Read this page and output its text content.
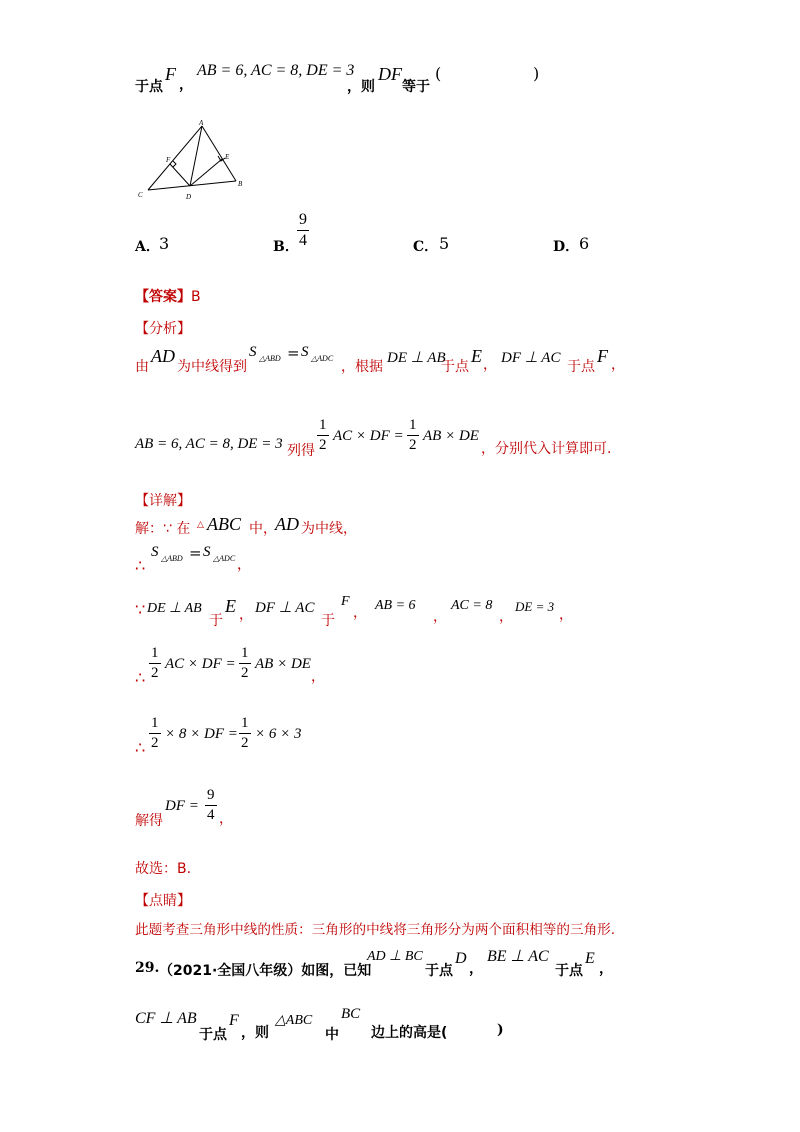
于点
F
，
AB = 6, AC = 8, DE = 3
，则
DF
等于
(	)
A
B
C	D
E
F
A． 3	B．
$\frac{9}{4}$	C． 5	D． 6
【答案】B
【分析】
由
AD
为中线得到
S △ABD = S △ADC
，根据
DE ⊥ AB
于点
E ， DF ⊥ AC
于点
F ，
AB = 6, AC = 8, DE = 3 列得 $\frac{1}{2}$ AC × DF = $\frac{1}{2}$ AB × DE
，分别代入计算即可.
【详解】
解：∵ 在 △ ABC 中，
AD 为中线，
∴
S △ABD = S △ADC ，
∵ DE ⊥ AB
于
E ， DF ⊥ AC
于
F
， AB = 6
，
AC = 8
，
DE = 3
，
∴ $\frac{1}{2}$ AC × DF = $\frac{1}{2}$ AB × DE
，
∴ $\frac{1}{2} \times 8$ × DF = $\frac{1}{2} \times 6 \times 3$
解得
DF = $\frac{9}{4}$ ，
故选：B.
【点睛】
此题考查三角形中线的性质：三角形的中线将三角形分为两个面积相等的三角形.
29. （2021·全国八年级）如图，已知
AD ⊥ BC
于点
D
，
BE ⊥ AC
于点
E
，
CF ⊥ AB
于点
F
，则
△ABC
中
BC
边上的高是(	)
